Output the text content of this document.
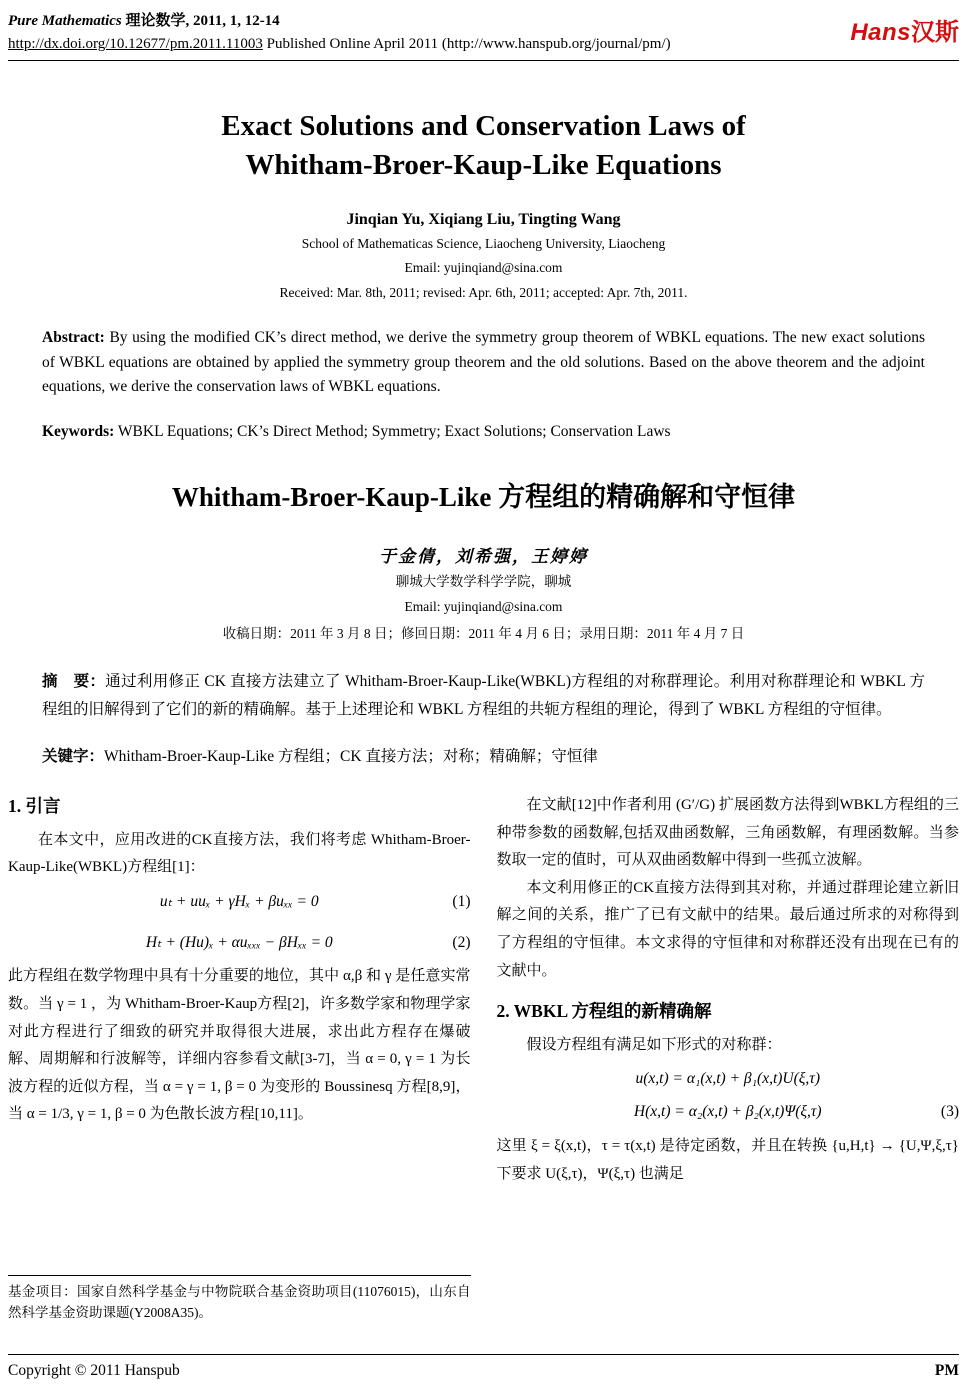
Pure Mathematics 理论数学, 2011, 1, 12-14
http://dx.doi.org/10.12677/pm.2011.11003 Published Online April 2011 (http://www.hanspub.org/journal/pm/)	Hans汉斯
Exact Solutions and Conservation Laws of
Whitham-Broer-Kaup-Like Equations
Jinqian Yu, Xiqiang Liu, Tingting Wang
School of Mathematicas Science, Liaocheng University, Liaocheng
Email: yujinqiand@sina.com
Received: Mar. 8th, 2011; revised: Apr. 6th, 2011; accepted: Apr. 7th, 2011.

Abstract: By using the modified CK’s direct method, we derive the symmetry group theorem of WBKL equations. The new exact solutions of WBKL equations are obtained by applied the symmetry group theorem and the old solutions. Based on the above theorem and the adjoint equations, we derive the conservation laws of WBKL equations.

Keywords: WBKL Equations; CK’s Direct Method; Symmetry; Exact Solutions; Conservation Laws

Whitham-Broer-Kaup-Like 方程组的精确解和守恒律
于金倩，刘希强，王婷婷
聊城大学数学科学学院，聊城
Email: yujinqiand@sina.com
收稿日期：2011 年 3 月 8 日；修回日期：2011 年 4 月 6 日；录用日期：2011 年 4 月 7 日

摘　要：通过利用修正 CK 直接方法建立了 Whitham-Broer-Kaup-Like(WBKL)方程组的对称群理论。利用对称群理论和 WBKL 方程组的旧解得到了它们的新的精确解。基于上述理论和 WBKL 方程组的共轭方程组的理论，得到了 WBKL 方程组的守恒律。

关键字：Whitham-Broer-Kaup-Like 方程组；CK 直接方法；对称；精确解；守恒律

1. 引言

在本文中，应用改进的CK直接方法，我们将考虑 Whitham-Broer-Kaup-Like(WBKL)方程组[1]：

uₜ + uuₓ + γHₓ + βuₓₓ = 0	(1)
Hₜ + (Hu)ₓ + αuₓₓₓ − βHₓₓ = 0	(2)

此方程组在数学物理中具有十分重要的地位，其中 α,β 和 γ 是任意实常数。当 γ = 1 ，为 Whitham-Broer-Kaup方程[2]，许多数学家和物理学家对此方程进行了细致的研究并取得很大进展，求出此方程存在爆破解、周期解和行波解等，详细内容参看文献[3-7]，当 α = 0, γ = 1 为长波方程的近似方程，当 α = γ = 1, β = 0 为变形的 Boussinesq 方程[8,9]，当 α = 1/3, γ = 1, β = 0 为色散长波方程[10,11]。

基金项目：国家自然科学基金与中物院联合基金资助项目(11076015)，山东自然科学基金资助课题(Y2008A35)。

在文献[12]中作者利用 (G′/G) 扩展函数方法得到WBKL方程组的三种带参数的函数解,包括双曲函数解，三角函数解，有理函数解。当参数取一定的值时，可从双曲函数解中得到一些孤立波解。

本文利用修正的CK直接方法得到其对称，并通过群理论建立新旧解之间的关系，推广了已有文献中的结果。最后通过所求的对称得到了方程组的守恒律。本文求得的守恒律和对称群还没有出现在已有的文献中。

2. WBKL 方程组的新精确解

假设方程组有满足如下形式的对称群：

u(x,t) = α₁(x,t) + β₁(x,t)U(ξ,τ)
H(x,t) = α₂(x,t) + β₂(x,t)Ψ(ξ,τ)	(3)

这里 ξ = ξ(x,t)，τ = τ(x,t) 是待定函数，并且在转换 {u,H,t} → {U,Ψ,ξ,τ} 下要求 U(ξ,τ)，Ψ(ξ,τ) 也满足

Copyright © 2011 Hanspub	PM
